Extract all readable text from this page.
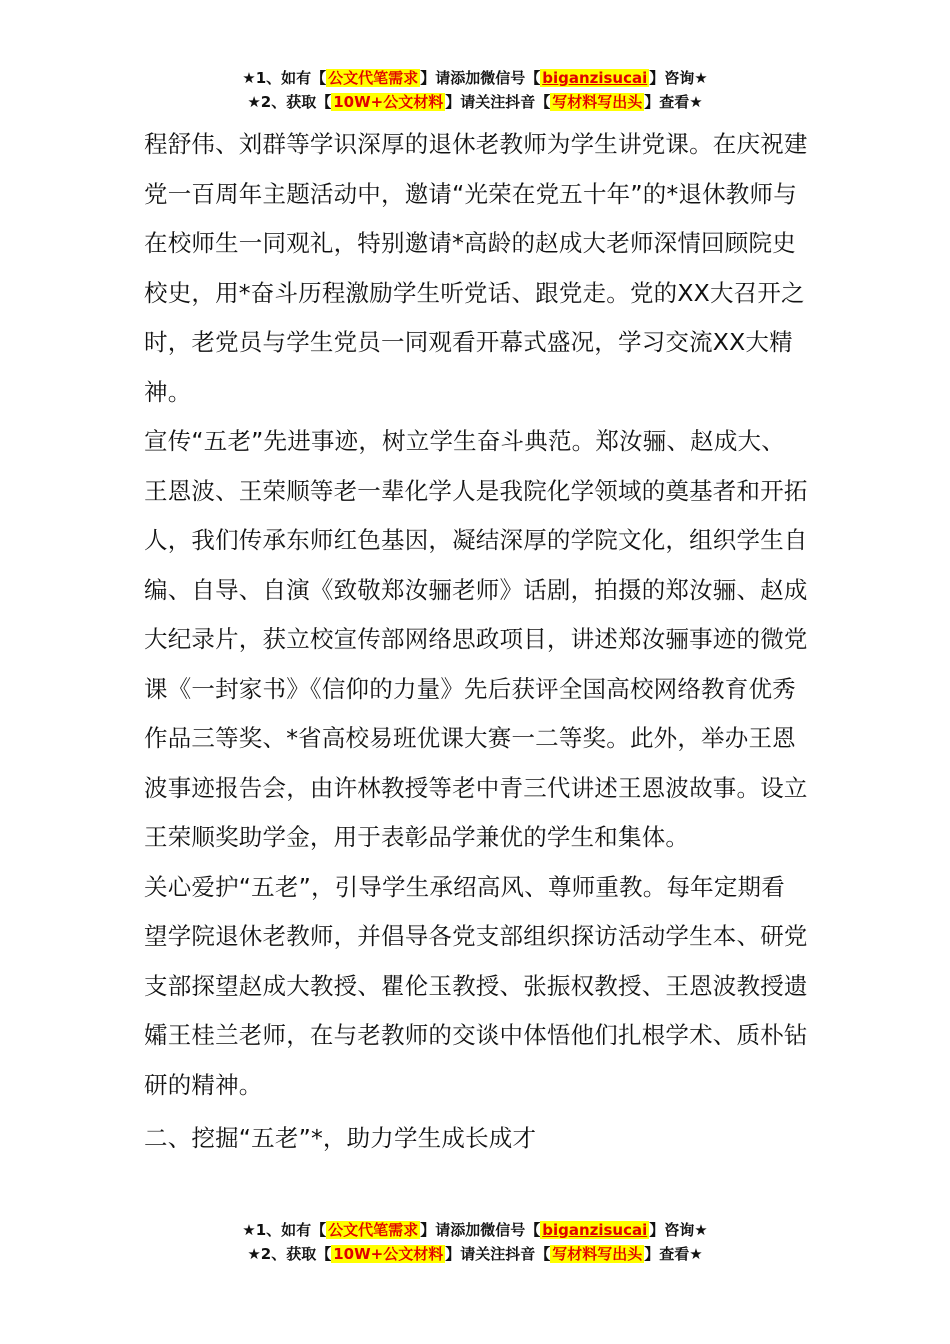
★1、如有【 公文代笔需求 】请添加微信号【 biganzisucai 】咨询★
★2、获取【 10W+公文材料 】请关注抖音【 写材料写出头 】查看★

程舒伟、刘群等学识深厚的退休老教师为学生讲党课。在庆祝建党一百周年主题活动中，邀请“光荣在党五十年”的*退休教师与在校师生一同观礼，特别邀请*高龄的赵成大老师深情回顾院史校史，用*奋斗历程激励学生听党话、跟党走。党的XX大召开之时，老党员与学生党员一同观看开幕式盛况，学习交流XX大精神。

宣传“五老”先进事迹，树立学生奋斗典范。郑汝骊、赵成大、王恩波、王荣顺等老一辈化学人是我院化学领域的奠基者和开拓人，我们传承东师红色基因，凝结深厚的学院文化，组织学生自编、自导、自演《致敬郑汝骊老师》话剧，拍摄的郑汝骊、赵成大纪录片，获立校宣传部网络思政项目，讲述郑汝骊事迹的微党课《一封家书》《信仰的力量》先后获评全国高校网络教育优秀作品三等奖、*省高校易班优课大赛一二等奖。此外，举办王恩波事迹报告会，由许林教授等老中青三代讲述王恩波故事。设立王荣顺奖助学金，用于表彰品学兼优的学生和集体。

关心爱护“五老”，引导学生承绍高风、尊师重教。每年定期看望学院退休老教师，并倡导各党支部组织探访活动学生本、研党支部探望赵成大教授、瞿伦玉教授、张振权教授、王恩波教授遗孀王桂兰老师，在与老教师的交谈中体悟他们扎根学术、质朴钻研的精神。

二、挖掘“五老”*，助力学生成长成才

★1、如有【 公文代笔需求 】请添加微信号【 biganzisucai 】咨询★
★2、获取【 10W+公文材料 】请关注抖音【 写材料写出头 】查看★
